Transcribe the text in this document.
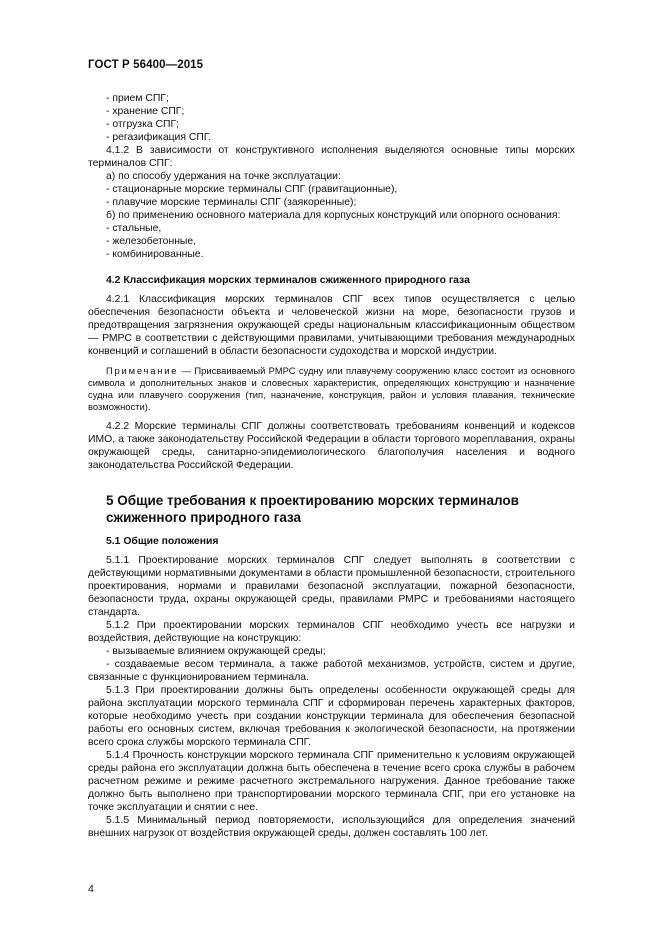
ГОСТ Р 56400—2015

- прием СПГ;

- хранение СПГ;

- отгрузка СПГ;

- регазификация СПГ.

4.1.2 В зависимости от конструктивного исполнения выделяются основные типы морских терминалов СПГ:

а) по способу удержания на точке эксплуатации:

- стационарные морские терминалы СПГ (гравитационные),

- плавучие морские терминалы СПГ (заякоренные);

б) по применению основного материала для корпусных конструкций или опорного основания:

- стальные,

- железобетонные,

- комбинированные.

4.2 Классификация морских терминалов сжиженного природного газа

4.2.1 Классификация морских терминалов СПГ всех типов осуществляется с целью обеспечения безопасности объекта и человеческой жизни на море, безопасности грузов и предотвращения загрязнения окружающей среды национальным классификационным обществом — РМРС в соответствии с действующими правилами, учитывающими требования международных конвенций и соглашений в области безопасности судоходства и морской индустрии.

Примечание — Присваиваемый РМРС судну или плавучему сооружению класс состоит из основного символа и дополнительных знаков и словесных характеристик, определяющих конструкцию и назначение судна или плавучего сооружения (тип, назначение, конструкция, район и условия плавания, технические возможности).

4.2.2 Морские терминалы СПГ должны соответствовать требованиям конвенций и кодексов ИМО, а также законодательству Российской Федерации в области торгового мореплавания, охраны окружающей среды, санитарно-эпидемиологического благополучия населения и водного законодательства Российской Федерации.

5 Общие требования к проектированию морских терминалов сжиженного природного газа

5.1 Общие положения

5.1.1 Проектирование морских терминалов СПГ следует выполнять в соответствии с действующими нормативными документами в области промышленной безопасности, строительного проектирования, нормами и правилами безопасной эксплуатации, пожарной безопасности, безопасности труда, охраны окружающей среды, правилами РМРС и требованиями настоящего стандарта.

5.1.2 При проектировании морских терминалов СПГ необходимо учесть все нагрузки и воздействия, действующие на конструкцию:

- вызываемые влиянием окружающей среды;

- создаваемые весом терминала, а также работой механизмов, устройств, систем и другие, связанные с функционированием терминала.

5.1.3 При проектировании должны быть определены особенности окружающей среды для района эксплуатации морского терминала СПГ и сформирован перечень характерных факторов, которые необходимо учесть при создании конструкции терминала для обеспечения безопасной работы его основных систем, включая требования к экологической безопасности, на протяжении всего срока службы морского терминала СПГ.

5.1.4 Прочность конструкции морского терминала СПГ применительно к условиям окружающей среды района его эксплуатации должна быть обеспечена в течение всего срока службы в рабочем расчетном режиме и режиме расчетного экстремального нагружения. Данное требование также должно быть выполнено при транспортировании морского терминала СПГ, при его установке на точке эксплуатации и снятии с нее.

5.1.5 Минимальный период повторяемости, использующийся для определения значений внешних нагрузок от воздействия окружающей среды, должен составлять 100 лет.

4
